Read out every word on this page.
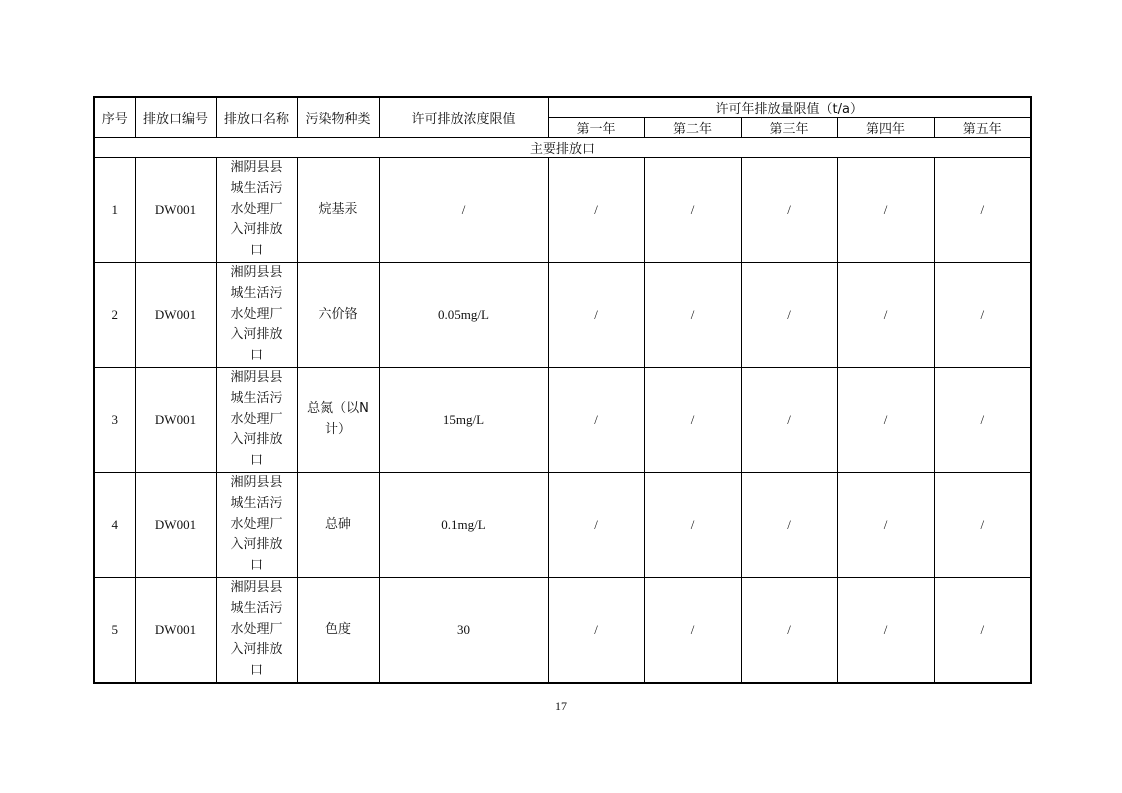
序号	排放口编号	排放口名称	污染物种类	许可排放浓度限值	许可年排放量限值（t/a）				
					第一年	第二年	第三年	第四年	第五年
主要排放口									
1	DW001	湘阴县县城生活污水处理厂入河排放口	烷基汞	/	/	/	/	/	/
2	DW001	湘阴县县城生活污水处理厂入河排放口	六价铬	0.05mg/L	/	/	/	/	/
3	DW001	湘阴县县城生活污水处理厂入河排放口	总氮（以N计）	15mg/L	/	/	/	/	/
4	DW001	湘阴县县城生活污水处理厂入河排放口	总砷	0.1mg/L	/	/	/	/	/
5	DW001	湘阴县县城生活污水处理厂入河排放口	色度	30	/	/	/	/	/
17
